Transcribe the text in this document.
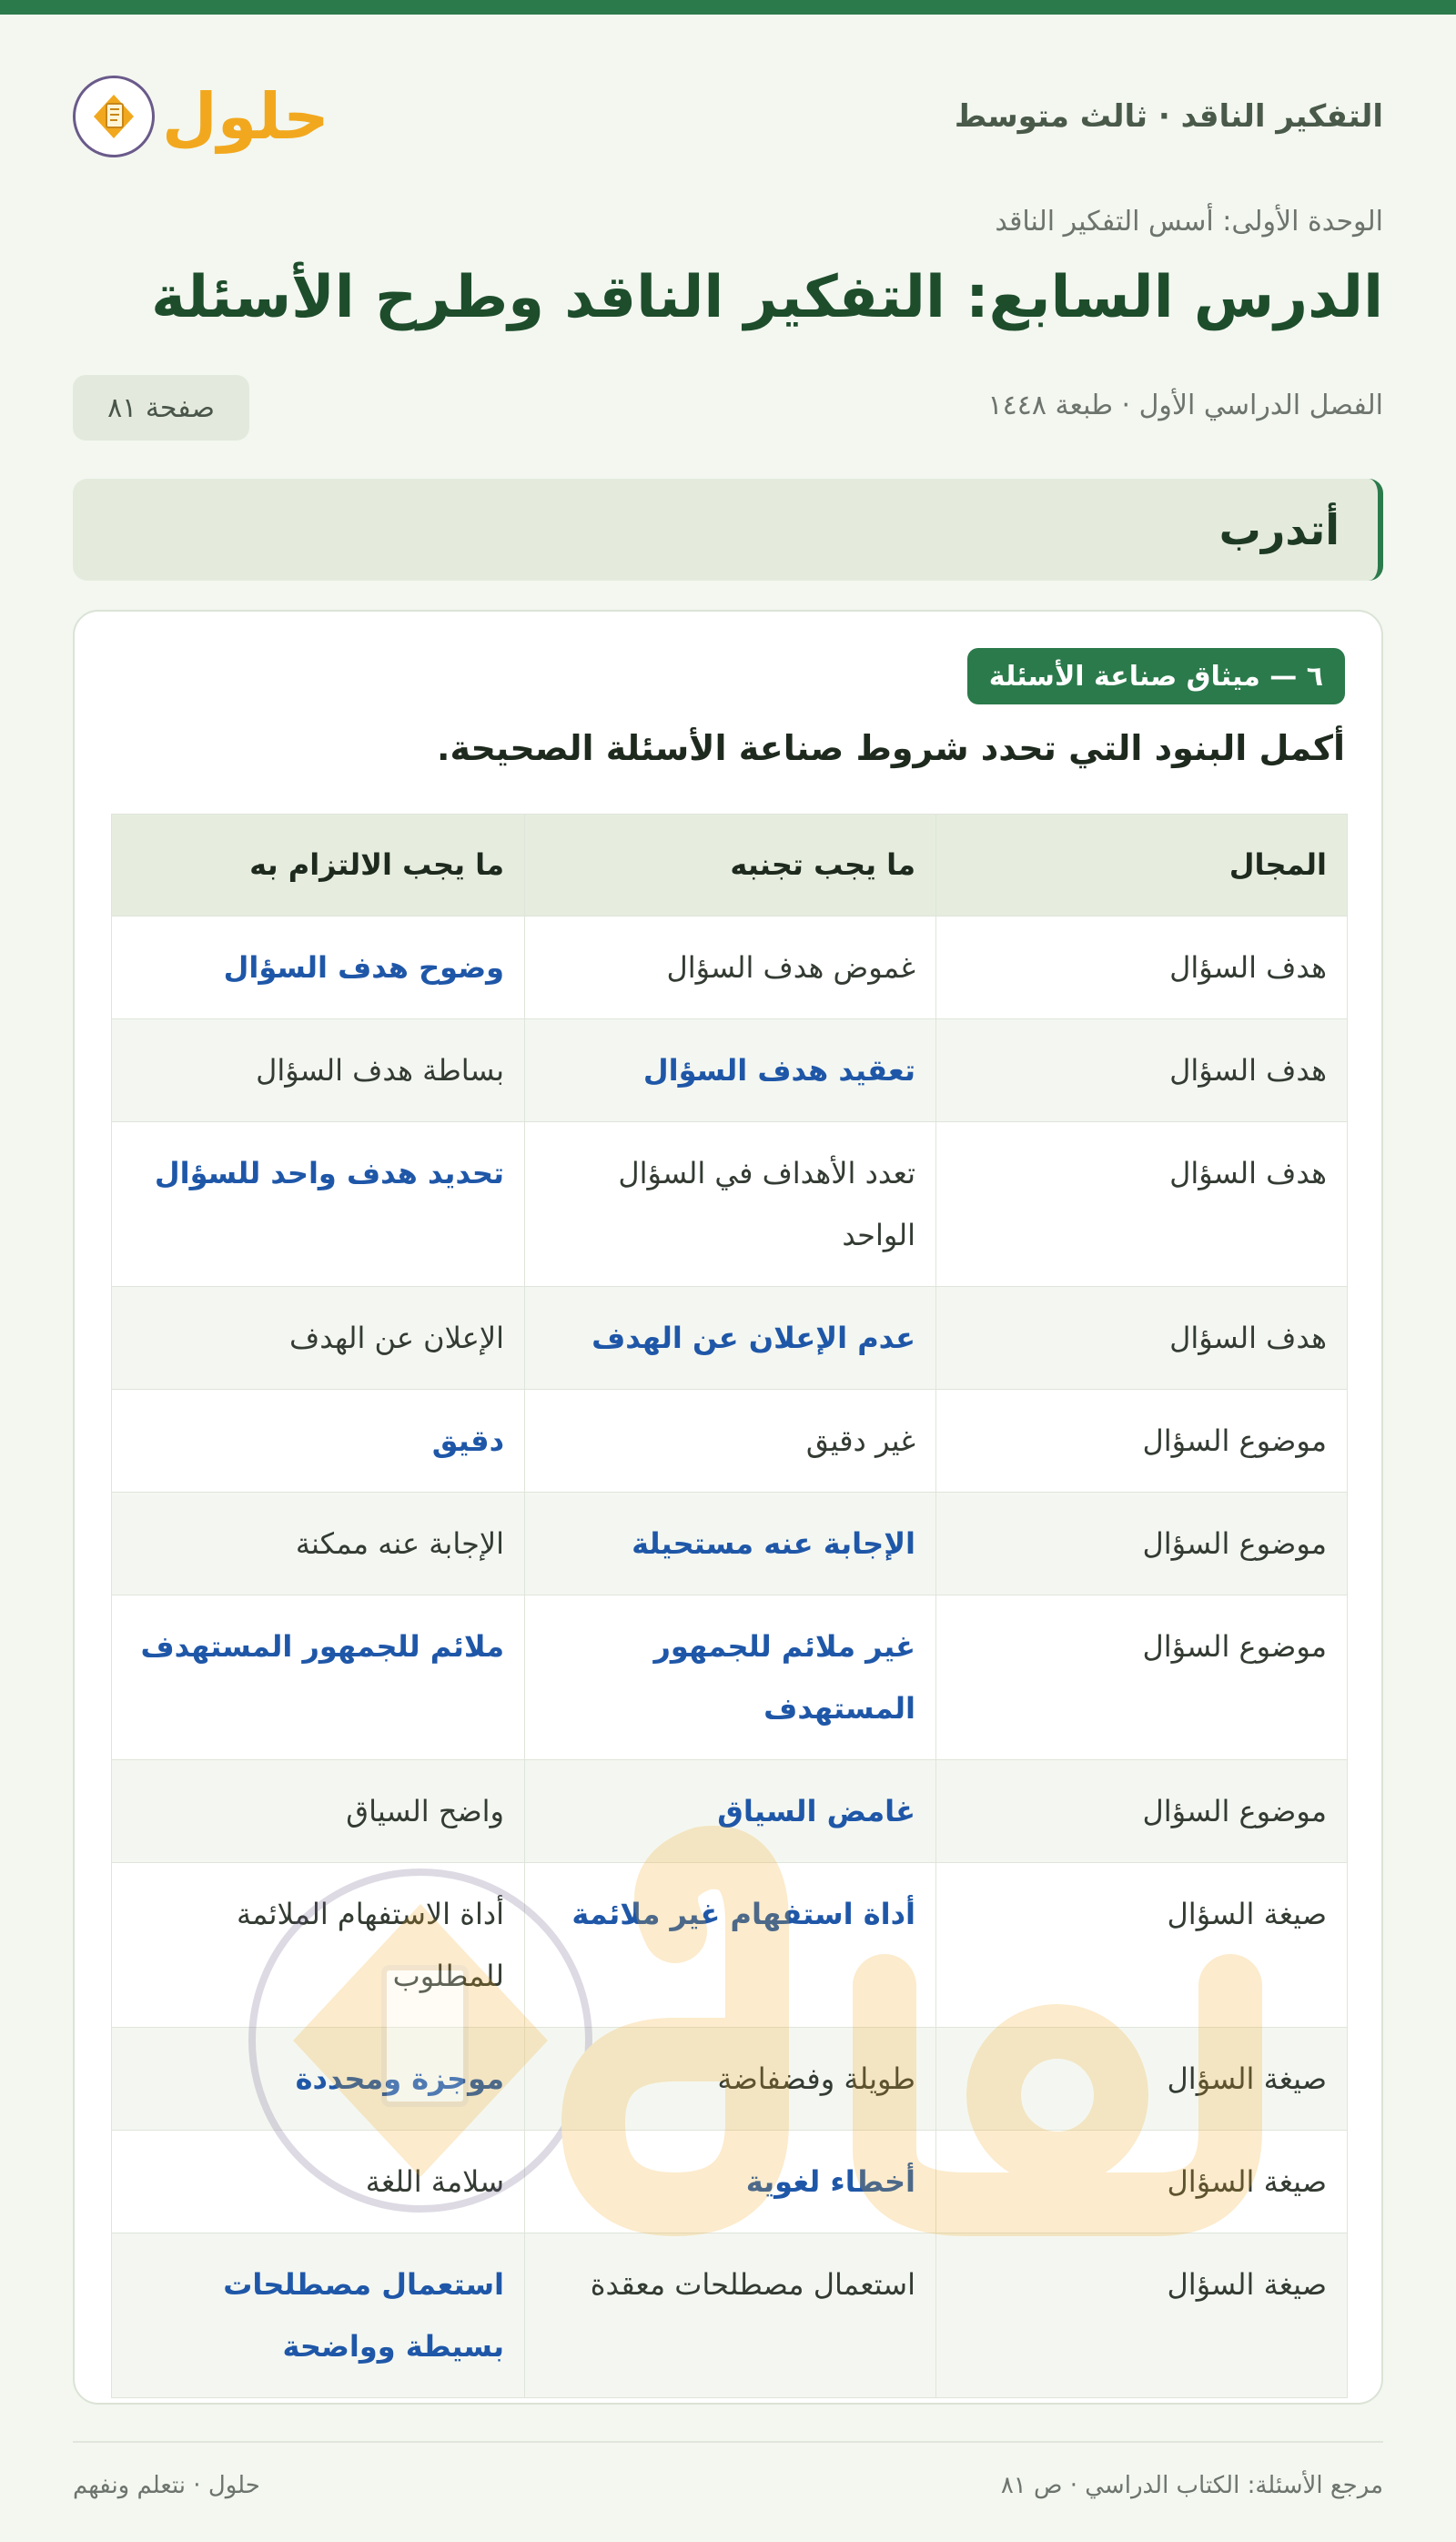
التفكير الناقد · ثالث متوسط
حلول
الوحدة الأولى: أسس التفكير الناقد
الدرس السابع: التفكير الناقد وطرح الأسئلة
الفصل الدراسي الأول · طبعة ١٤٤٨
صفحة ٨١
أتدرب
٦ — ميثاق صناعة الأسئلة
أكمل البنود التي تحدد شروط صناعة الأسئلة الصحيحة.
المجال	ما يجب تجنبه	ما يجب الالتزام به
هدف السؤال	غموض هدف السؤال	وضوح هدف السؤال
هدف السؤال	تعقيد هدف السؤال	بساطة هدف السؤال
هدف السؤال	تعدد الأهداف في السؤال الواحد	تحديد هدف واحد للسؤال
هدف السؤال	عدم الإعلان عن الهدف	الإعلان عن الهدف
موضوع السؤال	غير دقيق	دقيق
موضوع السؤال	الإجابة عنه مستحيلة	الإجابة عنه ممكنة
موضوع السؤال	غير ملائم للجمهور المستهدف	ملائم للجمهور المستهدف
موضوع السؤال	غامض السياق	واضح السياق
صيغة السؤال	أداة استفهام غير ملائمة	أداة الاستفهام الملائمة للمطلوب
صيغة السؤال	طويلة وفضفاضة	موجزة ومحددة
صيغة السؤال	أخطاء لغوية	سلامة اللغة
صيغة السؤال	استعمال مصطلحات معقدة	استعمال مصطلحات بسيطة وواضحة
مرجع الأسئلة: الكتاب الدراسي · ص ٨١
حلول · نتعلم ونفهم
